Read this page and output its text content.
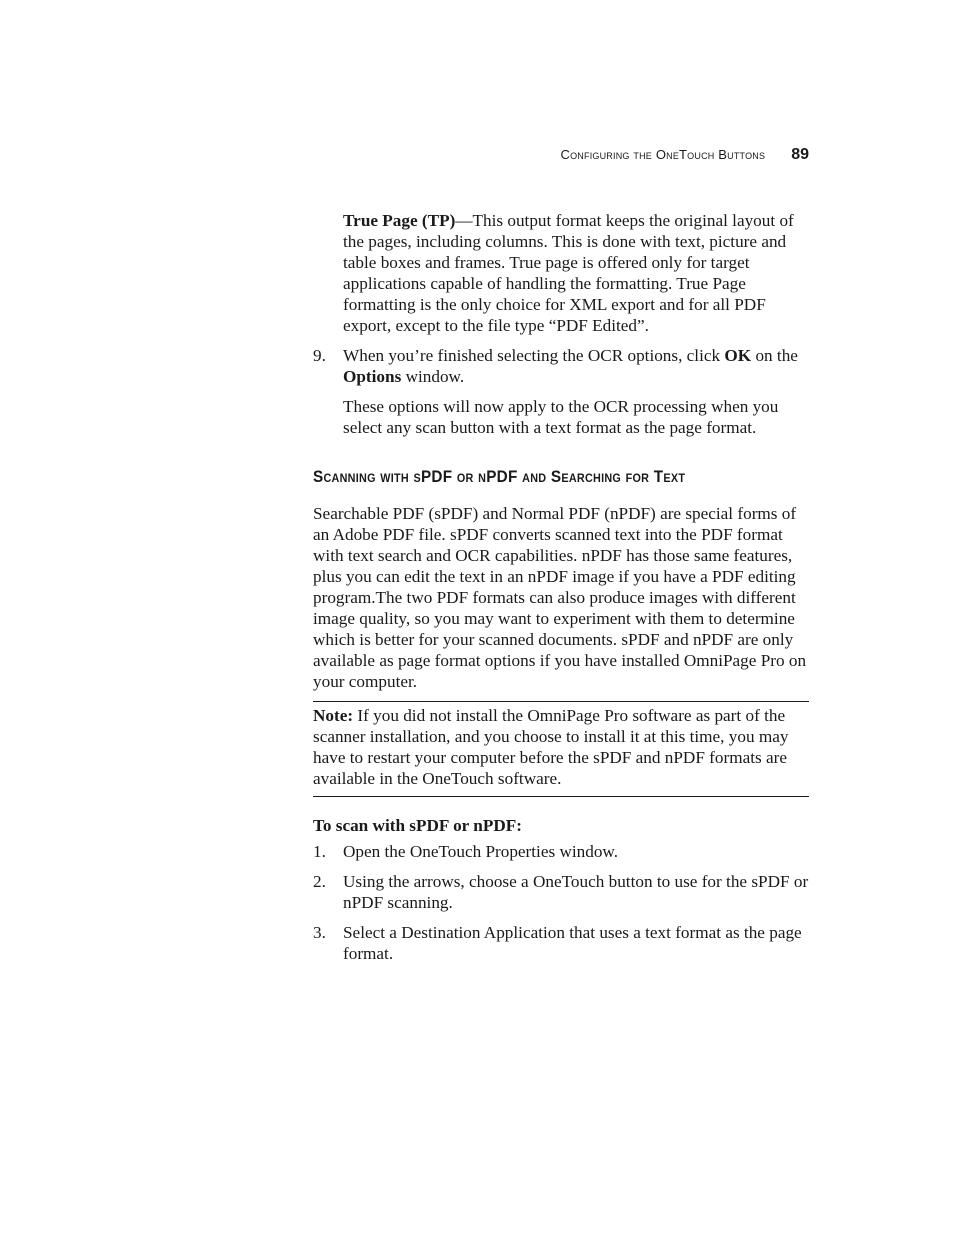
Configuring the OneTouch Buttons 89

True Page (TP)—This output format keeps the original layout of the pages, including columns. This is done with text, picture and table boxes and frames. True page is offered only for target applications capable of handling the formatting. True Page formatting is the only choice for XML export and for all PDF export, except to the file type “PDF Edited”.

9. When you’re finished selecting the OCR options, click OK on the Options window.

These options will now apply to the OCR processing when you select any scan button with a text format as the page format.

Scanning with sPDF or nPDF and Searching for Text

Searchable PDF (sPDF) and Normal PDF (nPDF) are special forms of an Adobe PDF file. sPDF converts scanned text into the PDF format with text search and OCR capabilities. nPDF has those same features, plus you can edit the text in an nPDF image if you have a PDF editing program.The two PDF formats can also produce images with different image quality, so you may want to experiment with them to determine which is better for your scanned documents. sPDF and nPDF are only available as page format options if you have installed OmniPage Pro on your computer.

Note: If you did not install the OmniPage Pro software as part of the scanner installation, and you choose to install it at this time, you may have to restart your computer before the sPDF and nPDF formats are available in the OneTouch software.
To scan with sPDF or nPDF:
1. Open the OneTouch Properties window.
2. Using the arrows, choose a OneTouch button to use for the sPDF or nPDF scanning.
3. Select a Destination Application that uses a text format as the page format.
